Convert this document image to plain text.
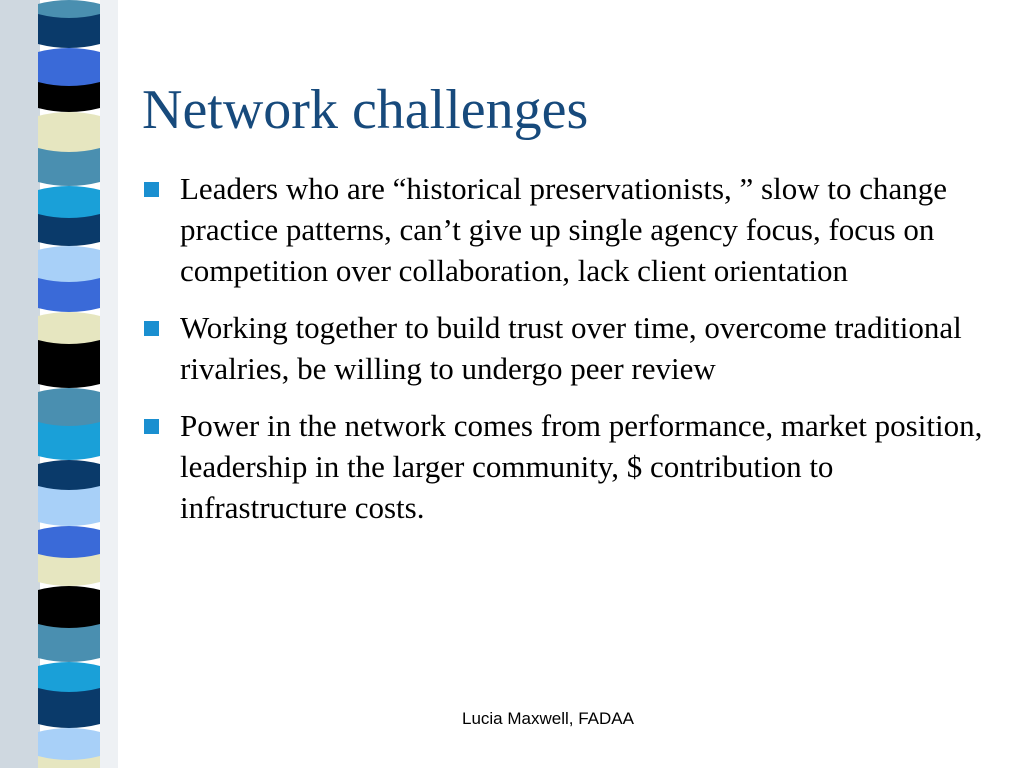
Network challenges
Leaders who are “historical preservationists, ” slow to change practice patterns, can’t give up single agency focus, focus on competition over collaboration, lack client orientation
Working together to build trust over time, overcome traditional rivalries, be willing to undergo peer review
Power in the network comes from performance, market position, leadership in the larger community, $ contribution to infrastructure costs.
Lucia Maxwell, FADAA
